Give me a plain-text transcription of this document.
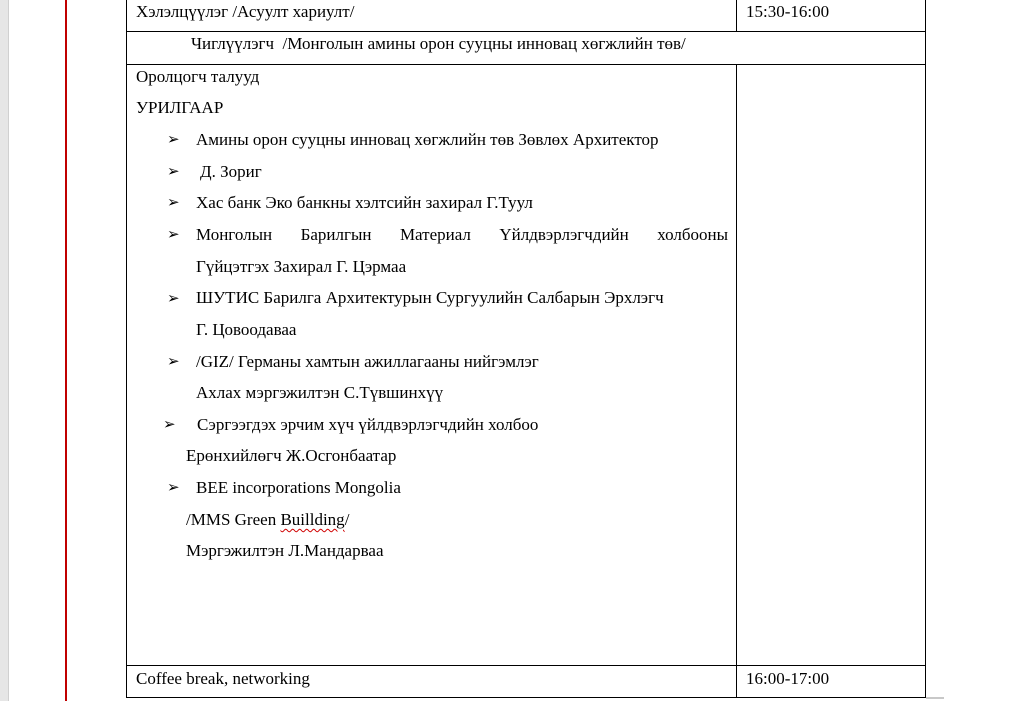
Хэлэлцүүлэг /Асуулт хариулт/	15:30-16:00
Чиглүүлэгч  /Монголын амины орон сууцны инновац хөгжлийн төв/
Оролцогч талууд
УРИЛГААР
➢ Амины орон сууцны инновац хөгжлийн төв Зөвлөх Архитектор
➢ Д. Зориг
➢ Хас банк Эко банкны хэлтсийн захирал Г.Туул
➢ Монголын Барилгын Материал Үйлдвэрлэгчдийн холбооны
Гүйцэтгэх Захирал Г. Цэрмаа
➢ ШУТИС Барилга Архитектурын Сургуулийн Салбарын Эрхлэгч
Г. Цовоодаваа
➢ /GIZ/ Германы хамтын ажиллагааны нийгэмлэг
Ахлах мэргэжилтэн С.Түвшинхүү
➢ Сэргээгдэх эрчим хүч үйлдвэрлэгчдийн холбоо
Ерөнхийлөгч Ж.Осгонбаатар
➢ BEE incorporations Mongolia
/MMS Green Buillding/
Мэргэжилтэн Л.Мандарваа
Coffee break, networking	16:00-17:00
